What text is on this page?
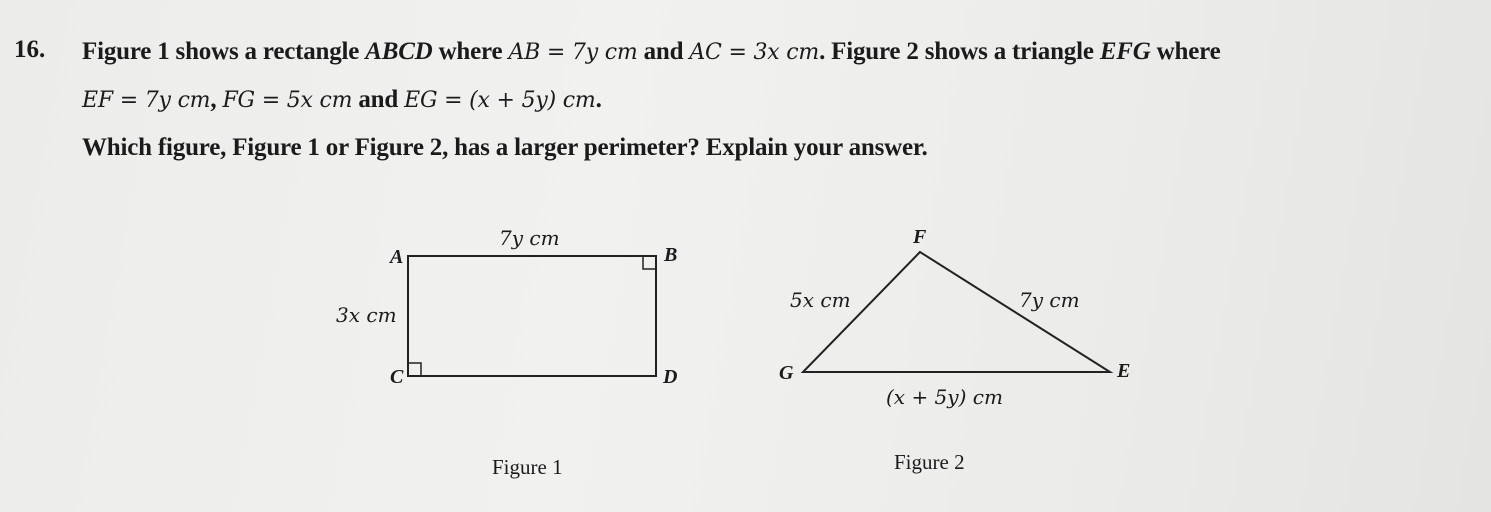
16. Figure 1 shows a rectangle ABCD where AB = 7y cm and AC = 3x cm. Figure 2 shows a triangle EFG where
EF = 7y cm, FG = 5x cm and EG = (x + 5y) cm.
Which figure, Figure 1 or Figure 2, has a larger perimeter? Explain your answer.
A	B
C	D
7y cm
3x cm
Figure 1
F
G	E
5x cm	7y cm
(x + 5y) cm
Figure 2
